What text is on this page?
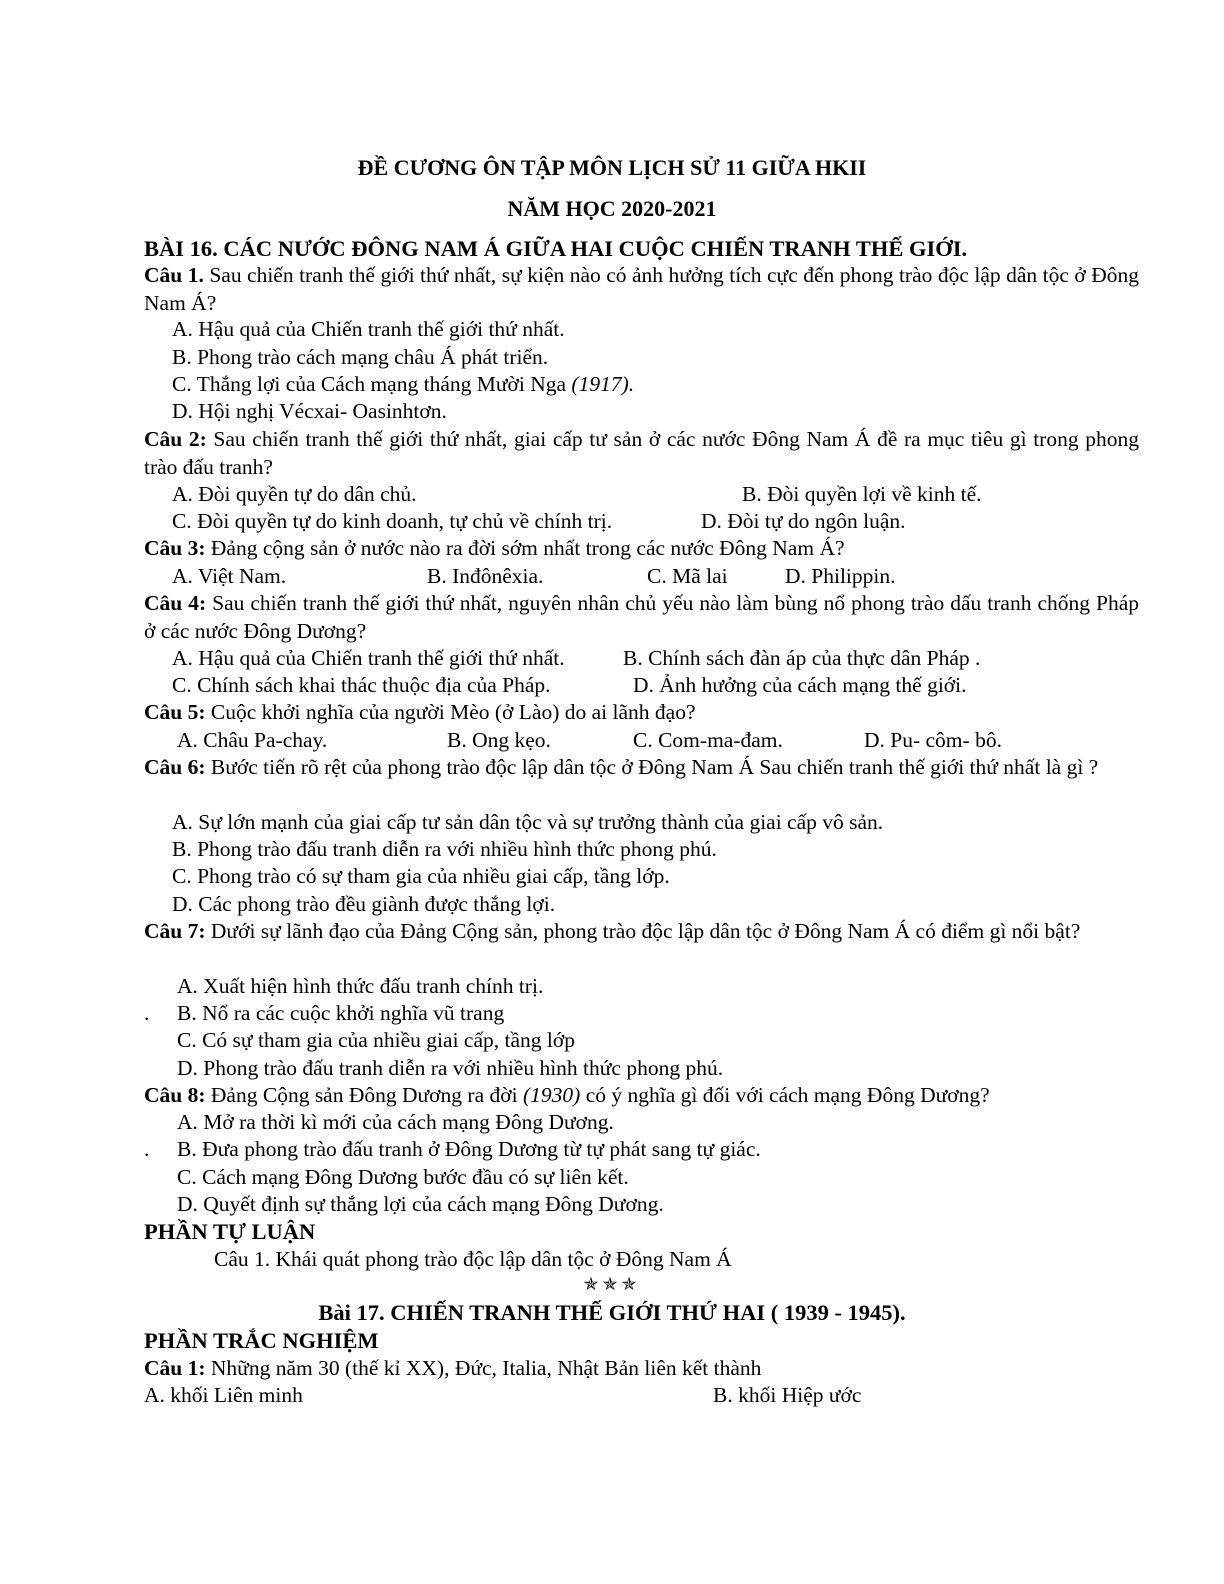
ĐỀ CƯƠNG ÔN TẬP MÔN LỊCH SỬ 11 GIỮA HKII
NĂM HỌC 2020-2021
BÀI 16. CÁC NƯỚC ĐÔNG NAM Á GIỮA HAI CUỘC CHIẾN TRANH THẾ GIỚI.
Câu 1. Sau chiến tranh thế giới thứ nhất, sự kiện nào có ảnh hưởng tích cực đến phong trào độc lập dân tộc ở Đông Nam Á?
A. Hậu quả của Chiến tranh thế giới thứ nhất.
B. Phong trào cách mạng châu Á phát triển.
C. Thắng lợi của Cách mạng tháng Mười Nga (1917).
D. Hội nghị Vécxai- Oasinhtơn.
Câu 2: Sau chiến tranh thế giới thứ nhất, giai cấp tư sản ở các nước Đông Nam Á đề ra mục tiêu gì trong phong trào đấu tranh?
A. Đòi quyền tự do dân chủ.	B. Đòi quyền lợi về kinh tế.
C. Đòi quyền tự do kinh doanh, tự chủ về chính trị.	D. Đòi tự do ngôn luận.
Câu 3: Đảng cộng sản ở nước nào ra đời sớm nhất trong các nước Đông Nam Á?
A. Việt Nam.	B. Inđônêxia.	C. Mã lai	D. Philippin.
Câu 4: Sau chiến tranh thế giới thứ nhất, nguyên nhân chủ yếu nào làm bùng nổ phong trào dấu tranh chống Pháp ở các nước Đông Dương?
A. Hậu quả của Chiến tranh thế giới thứ nhất.	B. Chính sách đàn áp của thực dân Pháp .
C. Chính sách khai thác thuộc địa của Pháp.	D. Ảnh hưởng của cách mạng thế giới.
Câu 5: Cuộc khởi nghĩa của người Mèo (ở Lào) do ai lãnh đạo?
A. Châu Pa-chay.	B. Ong kẹo.	C. Com-ma-đam.	D. Pu- côm- bô.
Câu 6: Bước tiến rõ rệt của phong trào độc lập dân tộc ở Đông Nam Á Sau chiến tranh thế giới thứ nhất là gì ?
A. Sự lớn mạnh của giai cấp tư sản dân tộc và sự trưởng thành của giai cấp vô sản.
B. Phong trào đấu tranh diễn ra với nhiều hình thức phong phú.
C. Phong trào có sự tham gia của nhiều giai cấp, tầng lớp.
D. Các phong trào đều giành được thắng lợi.
Câu 7: Dưới sự lãnh đạo của Đảng Cộng sản, phong trào độc lập dân tộc ở Đông Nam Á có điểm gì nổi bật?
A. Xuất hiện hình thức đấu tranh chính trị.
. B. Nổ ra các cuộc khởi nghĩa vũ trang
C. Có sự tham gia của nhiều giai cấp, tầng lớp
D. Phong trào đấu tranh diễn ra với nhiều hình thức phong phú.
Câu 8: Đảng Cộng sản Đông Dương ra đời (1930) có ý nghĩa gì đối với cách mạng Đông Dương?
A. Mở ra thời kì mới của cách mạng Đông Dương.
. B. Đưa phong trào đấu tranh ở Đông Dương từ tự phát sang tự giác.
C. Cách mạng Đông Dương bước đầu có sự liên kết.
D. Quyết định sự thắng lợi của cách mạng Đông Dương.
PHẦN TỰ LUẬN
Câu 1. Khái quát phong trào độc lập dân tộc ở Đông Nam Á
✯✯✯
Bài 17. CHIẾN TRANH THẾ GIỚI THỨ HAI ( 1939 - 1945).
PHẦN TRẮC NGHIỆM
Câu 1: Những năm 30 (thế kỉ XX), Đức, Italia, Nhật Bản liên kết thành
A. khối Liên minh	B. khối Hiệp ước
